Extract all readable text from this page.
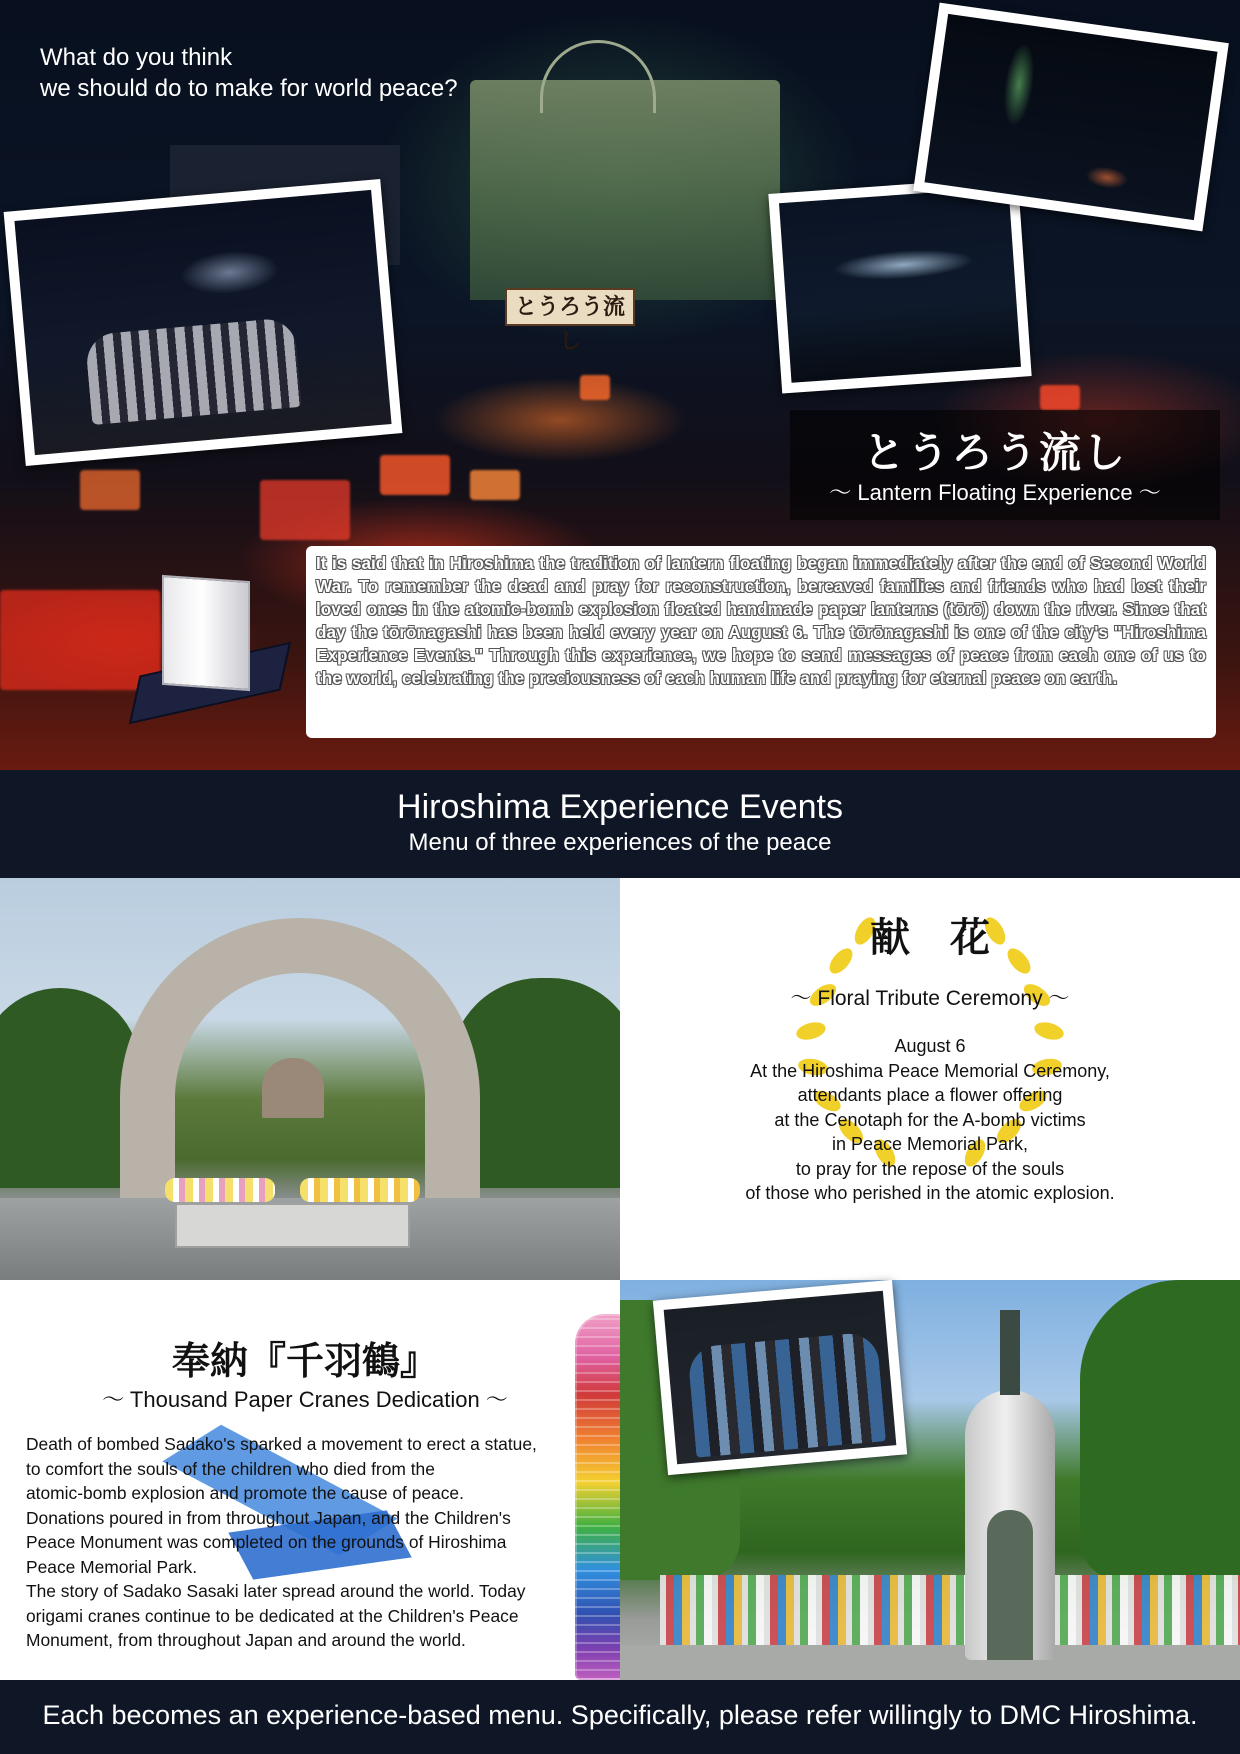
とうろう流し
What do you think
we should do to make for world peace?
とうろう流し
～ Lantern Floating Experience ～

It is said that in Hiroshima the tradition of lantern floating began immediately after the end of Second World War. To remember the dead and pray for reconstruction, bereaved families and friends who had lost their loved ones in the atomic-bomb explosion floated handmade paper lanterns (tōrō) down the river. Since that day the tōrōnagashi has been held every year on August 6. The tōrōnagashi is one of the city's "Hiroshima Experience Events." Through this experience, we hope to send messages of peace from each one of us to the world, celebrating the preciousness of each human life and praying for eternal peace on earth.

Hiroshima Experience Events
Menu of three experiences of the peace
献花
～ Floral Tribute Ceremony ～
August 6
At the Hiroshima Peace Memorial Ceremony,
attendants place a flower offering
at the Cenotaph for the A-bomb victims
in Peace Memorial Park,
to pray for the repose of the souls
of those who perished in the atomic explosion.
奉納『千羽鶴』
～ Thousand Paper Cranes Dedication ～
Death of bombed Sadako's sparked a movement to erect a statue,
to comfort the souls of the children who died from the
atomic-bomb explosion and promote the cause of peace.
Donations poured in from throughout Japan, and the Children's
Peace Monument was completed on the grounds of Hiroshima
Peace Memorial Park.
The story of Sadako Sasaki later spread around the world. Today
origami cranes continue to be dedicated at the Children's Peace
Monument, from throughout Japan and around the world.
Each becomes an experience-based menu. Specifically, please refer willingly to DMC Hiroshima.
